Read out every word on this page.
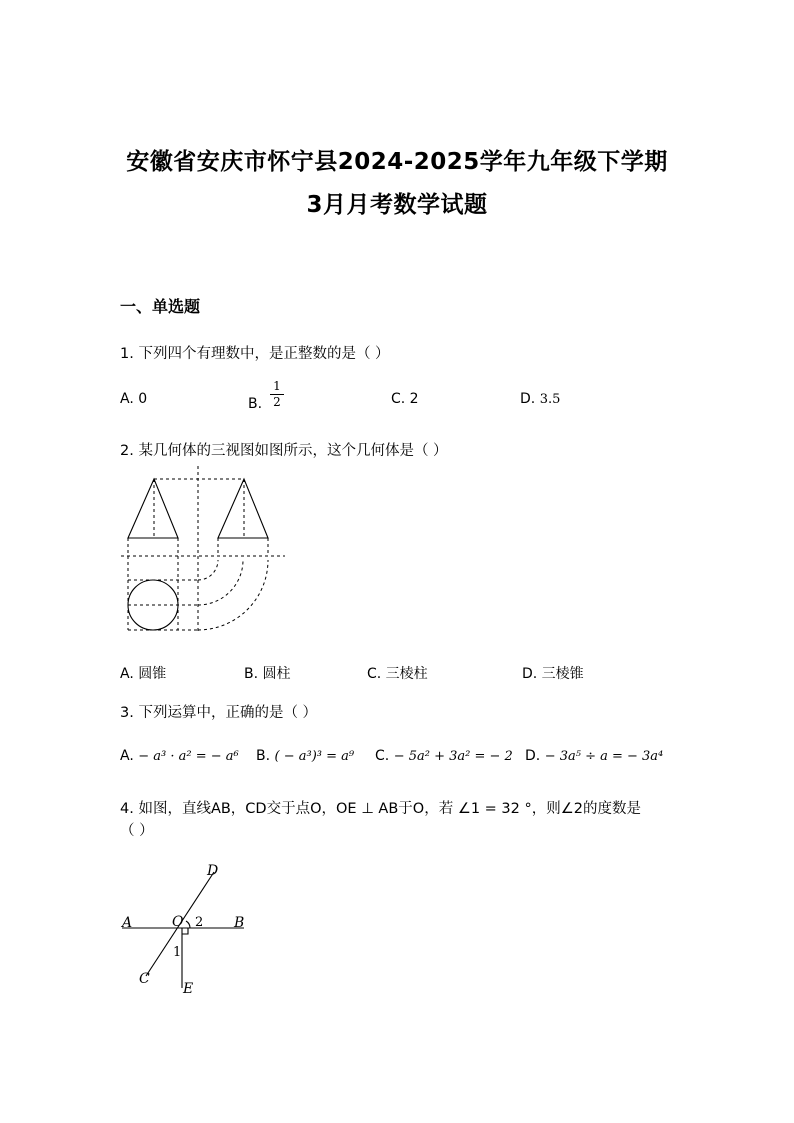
安徽省安庆市怀宁县2024-2025学年九年级下学期
3月月考数学试题
一、单选题
1. 下列四个有理数中，是正整数的是（ ）
A. 0	B.
1
2	C. 2	D. 3.5
2. 某几何体的三视图如图所示，这个几何体是（ ）
A. 圆锥	B. 圆柱	C. 三棱柱	D. 三棱锥
3. 下列运算中，正确的是（ ）
A. − a³ · a² = − a⁶ B. ( − a³)³ = a⁹ C. − 5a² + 3a² = − 2 D. − 3a⁵ ÷ a = − 3a⁴
4. 如图，直线AB，CD交于点O，OE ⊥ AB于O，若 ∠1 = 32 °，则∠2的度数是
（ ）
A	B
C
D
E
O
1
2
